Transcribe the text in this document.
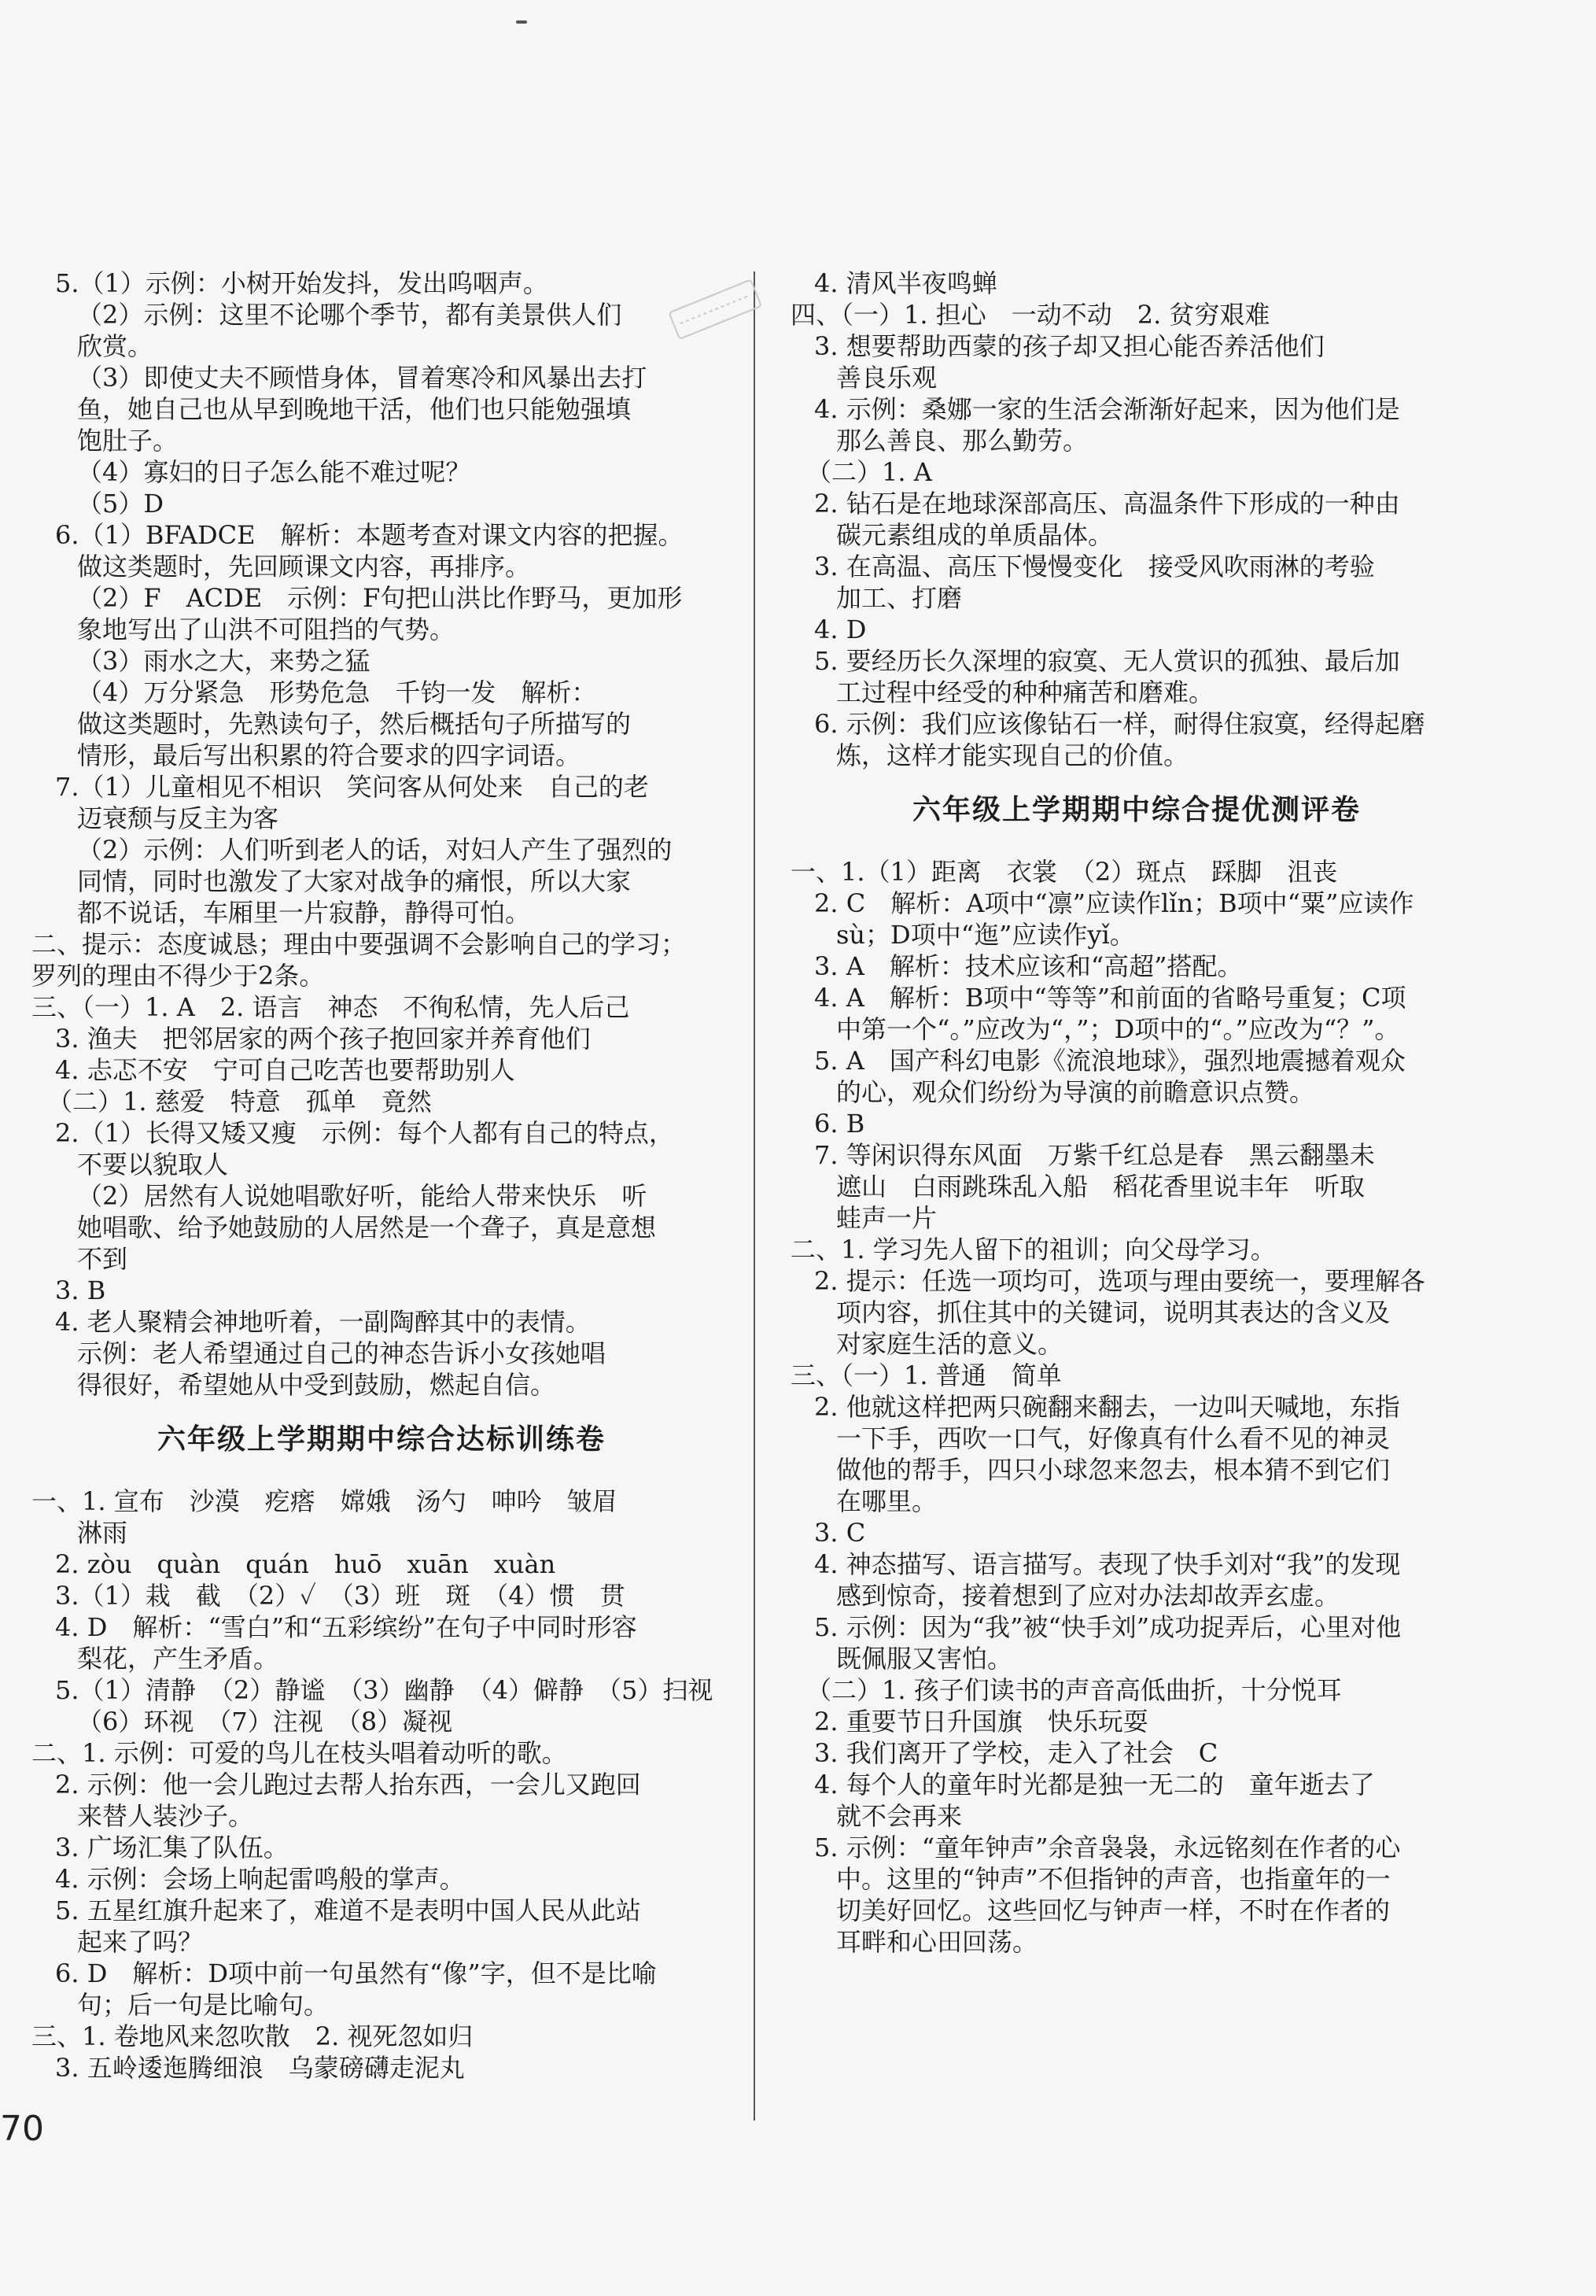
5.（1）示例：小树开始发抖，发出呜咽声。
（2）示例：这里不论哪个季节，都有美景供人们
欣赏。
（3）即使丈夫不顾惜身体，冒着寒冷和风暴出去打
鱼，她自己也从早到晚地干活，他们也只能勉强填
饱肚子。
（4）寡妇的日子怎么能不难过呢？
（5）D
6.（1）BFADCE　解析：本题考查对课文内容的把握。
做这类题时，先回顾课文内容，再排序。
（2）F　ACDE　示例：F句把山洪比作野马，更加形
象地写出了山洪不可阻挡的气势。
（3）雨水之大，来势之猛
（4）万分紧急　形势危急　千钧一发　解析：
做这类题时，先熟读句子，然后概括句子所描写的
情形，最后写出积累的符合要求的四字词语。
7.（1）儿童相见不相识　笑问客从何处来　自己的老
迈衰颓与反主为客
（2）示例：人们听到老人的话，对妇人产生了强烈的
同情，同时也激发了大家对战争的痛恨，所以大家
都不说话，车厢里一片寂静，静得可怕。
二、提示：态度诚恳；理由中要强调不会影响自己的学习；
罗列的理由不得少于2条。
三、（一）1. A　2. 语言　神态　不徇私情，先人后己
3. 渔夫　把邻居家的两个孩子抱回家并养育他们
4. 忐忑不安　宁可自己吃苦也要帮助别人
（二）1. 慈爱　特意　孤单　竟然
2.（1）长得又矮又瘦　示例：每个人都有自己的特点，
不要以貌取人
（2）居然有人说她唱歌好听，能给人带来快乐　听
她唱歌、给予她鼓励的人居然是一个聋子，真是意想
不到
3. B
4. 老人聚精会神地听着，一副陶醉其中的表情。
示例：老人希望通过自己的神态告诉小女孩她唱
得很好，希望她从中受到鼓励，燃起自信。
六年级上学期期中综合达标训练卷
一、1. 宣布　沙漠　疙瘩　嫦娥　汤勺　呻吟　皱眉
淋雨
2. zòu　quàn　quán　huō　xuān　xuàn
3.（1）栽　截　（2）✓　（3）班　斑　（4）惯　贯
4. D　解析：“雪白”和“五彩缤纷”在句子中同时形容
梨花，产生矛盾。
5.（1）清静　（2）静谧　（3）幽静　（4）僻静　（5）扫视
（6）环视　（7）注视　（8）凝视
二、1. 示例：可爱的鸟儿在枝头唱着动听的歌。
2. 示例：他一会儿跑过去帮人抬东西，一会儿又跑回
来替人装沙子。
3. 广场汇集了队伍。
4. 示例：会场上响起雷鸣般的掌声。
5. 五星红旗升起来了，难道不是表明中国人民从此站
起来了吗？
6. D　解析：D项中前一句虽然有“像”字，但不是比喻
句；后一句是比喻句。
三、1. 卷地风来忽吹散　2. 视死忽如归
3. 五岭逶迤腾细浪　乌蒙磅礴走泥丸
4. 清风半夜鸣蝉
四、（一）1. 担心　一动不动　2. 贫穷艰难
3. 想要帮助西蒙的孩子却又担心能否养活他们
善良乐观
4. 示例：桑娜一家的生活会渐渐好起来，因为他们是
那么善良、那么勤劳。
（二）1. A
2. 钻石是在地球深部高压、高温条件下形成的一种由
碳元素组成的单质晶体。
3. 在高温、高压下慢慢变化　接受风吹雨淋的考验
加工、打磨
4. D
5. 要经历长久深埋的寂寞、无人赏识的孤独、最后加
工过程中经受的种种痛苦和磨难。
6. 示例：我们应该像钻石一样，耐得住寂寞，经得起磨
炼，这样才能实现自己的价值。
六年级上学期期中综合提优测评卷
一、1.（1）距离　衣裳　（2）斑点　踩脚　沮丧
2. C　解析：A项中“凛”应读作lǐn；B项中“粟”应读作
sù；D项中“迤”应读作yǐ。
3. A　解析：技术应该和“高超”搭配。
4. A　解析：B项中“等等”和前面的省略号重复；C项
中第一个“。”应改为“，”；D项中的“。”应改为“？”。
5. A　国产科幻电影《流浪地球》，强烈地震撼着观众
的心，观众们纷纷为导演的前瞻意识点赞。
6. B
7. 等闲识得东风面　万紫千红总是春　黑云翻墨未
遮山　白雨跳珠乱入船　稻花香里说丰年　听取
蛙声一片
二、1. 学习先人留下的祖训；向父母学习。
2. 提示：任选一项均可，选项与理由要统一，要理解各
项内容，抓住其中的关键词，说明其表达的含义及
对家庭生活的意义。
三、（一）1. 普通　简单
2. 他就这样把两只碗翻来翻去，一边叫天喊地，东指
一下手，西吹一口气，好像真有什么看不见的神灵
做他的帮手，四只小球忽来忽去，根本猜不到它们
在哪里。
3. C
4. 神态描写、语言描写。表现了快手刘对“我”的发现
感到惊奇，接着想到了应对办法却故弄玄虚。
5. 示例：因为“我”被“快手刘”成功捉弄后，心里对他
既佩服又害怕。
（二）1. 孩子们读书的声音高低曲折，十分悦耳
2. 重要节日升国旗　快乐玩耍
3. 我们离开了学校，走入了社会　C
4. 每个人的童年时光都是独一无二的　童年逝去了
就不会再来
5. 示例：“童年钟声”余音袅袅，永远铭刻在作者的心
中。这里的“钟声”不但指钟的声音，也指童年的一
切美好回忆。这些回忆与钟声一样，不时在作者的
耳畔和心田回荡。
70
